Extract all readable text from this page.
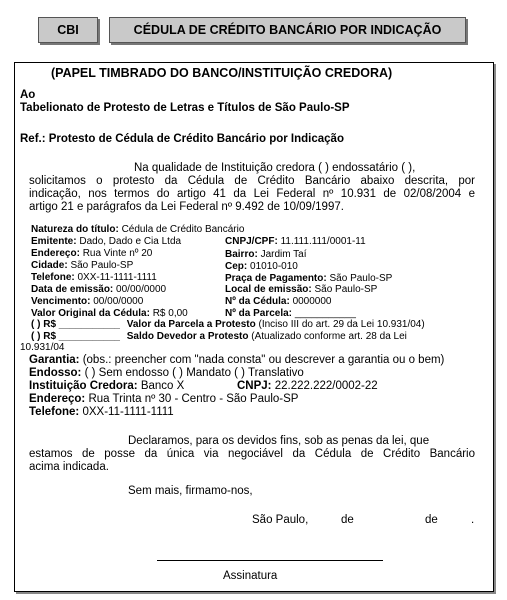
CBI	CÉDULA DE CRÉDITO BANCÁRIO POR INDICAÇÃO
(PAPEL TIMBRADO DO BANCO/INSTITUIÇÃO CREDORA)
Ao
Tabelionato de Protesto de Letras e Títulos de São Paulo-SP
Ref.: Protesto de Cédula de Crédito Bancário por Indicação
Na qualidade de Instituição credora ( ) endossatário ( ),
solicitamos o protesto da Cédula de Crédito Bancário abaixo descrita, por
indicação, nos termos do artigo 41 da Lei Federal nº 10.931 de 02/08/2004 e
artigo 21 e parágrafos da Lei Federal nº 9.492 de 10/09/1997.
Natureza do título: Cédula de Crédito Bancário
Emitente: Dado, Dado e Cia Ltda	CNPJ/CPF: 11.111.111/0001-11
Endereço: Rua Vinte nº 20	Bairro: Jardim Taí
Cidade: São Paulo-SP	Cep: 01010-010
Telefone: 0XX-11-1111-1111	Praça de Pagamento: São Paulo-SP
Data de emissão: 00/00/0000	Local de emissão: São Paulo-SP
Vencimento: 00/00/0000	Nº da Cédula: 0000000
Valor Original da Cédula: R$ 0,00	Nº da Parcela: ___________
( ) R$ ___________ Valor da Parcela a Protesto (Inciso III do art. 29 da Lei 10.931/04)
( ) R$ ___________ Saldo Devedor a Protesto (Atualizado conforme art. 28 da Lei
10.931/04
Garantia: (obs.: preencher com "nada consta" ou descrever a garantia ou o bem)
Endosso: ( ) Sem endosso ( ) Mandato ( ) Translativo
Instituição Credora: Banco X	CNPJ: 22.222.222/0002-22
Endereço: Rua Trinta nº 30 - Centro - São Paulo-SP
Telefone: 0XX-11-1111-1111
Declaramos, para os devidos fins, sob as penas da lei, que
estamos de posse da única via negociável da Cédula de Crédito Bancário
acima indicada.
Sem mais, firmamo-nos,
São Paulo,	de	de	.
Assinatura
